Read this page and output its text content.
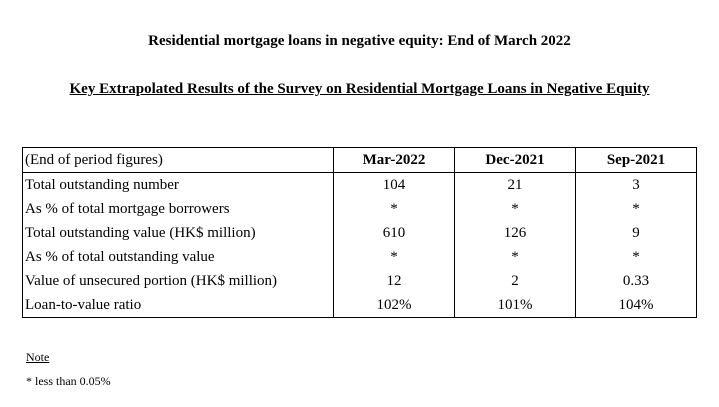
Residential mortgage loans in negative equity: End of March 2022
Key Extrapolated Results of the Survey on Residential Mortgage Loans in Negative Equity
(End of period figures)	Mar-2022	Dec-2021	Sep-2021
Total outstanding number	104	21	3
As % of total mortgage borrowers	*	*	*
Total outstanding value (HK$ million)	610	126	9
As % of total outstanding value	*	*	*
Value of unsecured portion (HK$ million)	12	2	0.33
Loan-to-value ratio	102%	101%	104%
Note
* less than 0.05%
